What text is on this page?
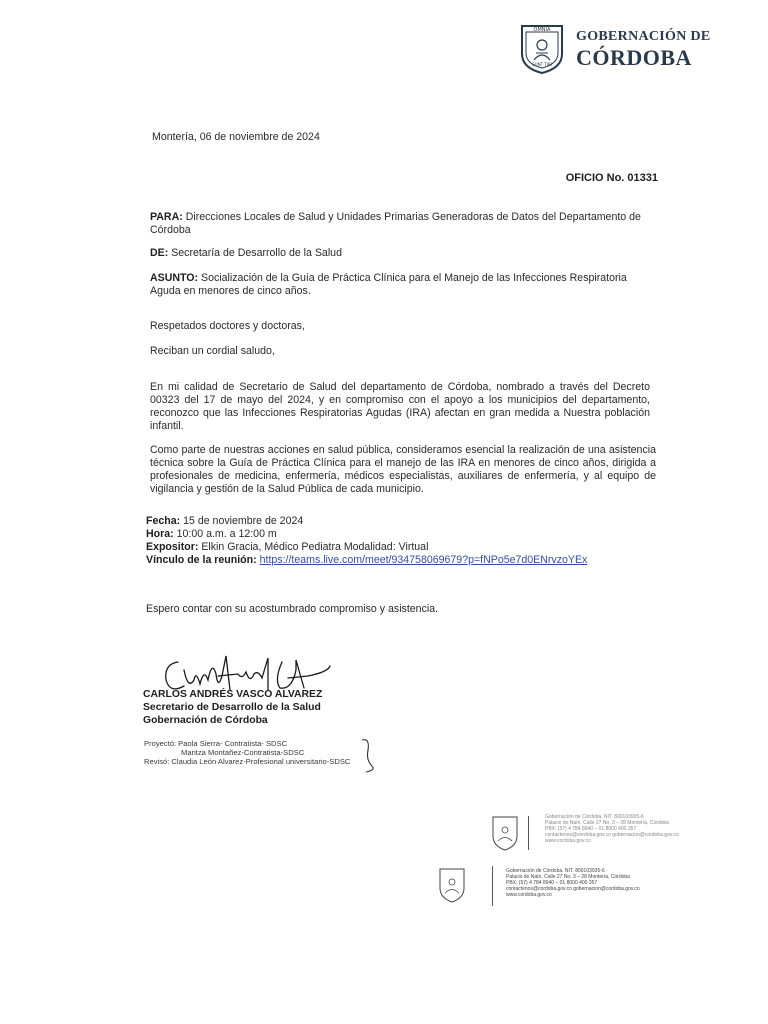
OMNIA
SUNT TIBI
GOBERNACIÓN DE
CÓRDOBA
Montería, 06 de noviembre de 2024
OFICIO No. 01331
PARA: Direcciones Locales de Salud y Unidades Primarias Generadoras de Datos del Departamento de Córdoba
DE: Secretaría de Desarrollo de la Salud
ASUNTO: Socialización de la Guía de Práctica Clínica para el Manejo de las Infecciones Respiratoria Aguda en menores de cinco años.
Respetados doctores y doctoras,
Reciban un cordial saludo,
En mi calidad de Secretario de Salud del departamento de Córdoba, nombrado a través del Decreto 00323 del 17 de mayo del 2024, y en compromiso con el apoyo a los municipios del departamento, reconozco que las Infecciones Respiratorias Agudas (IRA) afectan en gran medida a Nuestra población infantil.
Como parte de nuestras acciones en salud pública, consideramos esencial la realización de una asistencia técnica sobre la Guía de Práctica Clínica para el manejo de las IRA en menores de cinco años, dirigida a profesionales de medicina, enfermería, médicos especialistas, auxiliares de enfermería, y al equipo de vigilancia y gestión de la Salud Pública de cada municipio.
Fecha: 15 de noviembre de 2024
Hora: 10:00 a.m. a 12:00 m
Expositor: Elkin Gracia, Médico Pediatra Modalidad: Virtual
Vínculo de la reunión: https://teams.live.com/meet/934758069679?p=fNPo5e7d0ENrvzoYEx
Espero contar con su acostumbrado compromiso y asistencia.
CARLOS ANDRÉS VASCO ALVAREZ
Secretario de Desarrollo de la Salud
Gobernación de Córdoba
Proyectó: Paola Sierra- Contratista- SDSC
Maritza Montañez-Contratista-SDSC
Revisó: Claudia León Alvarez-Profesional universitario-SDSC
Gobernación de Córdoba. NIT. 800103935-6
Palacio de Naín. Calle 27 No. 3 – 28 Montería, Córdoba
PBX: (57) 4 784 8940 – 01 8000 400 357
contactenos@cordoba.gov.co gobernacion@cordoba.gov.co
www.cordoba.gov.co
Gobernación de Córdoba. NIT. 800103935-6
Palacio de Naín. Calle 27 No. 3 – 28 Montería, Córdoba
PBX: (57) 4 784 8940 – 01 8000 400 357
contactenos@cordoba.gov.co gobernacion@cordoba.gov.co
www.cordoba.gov.co
